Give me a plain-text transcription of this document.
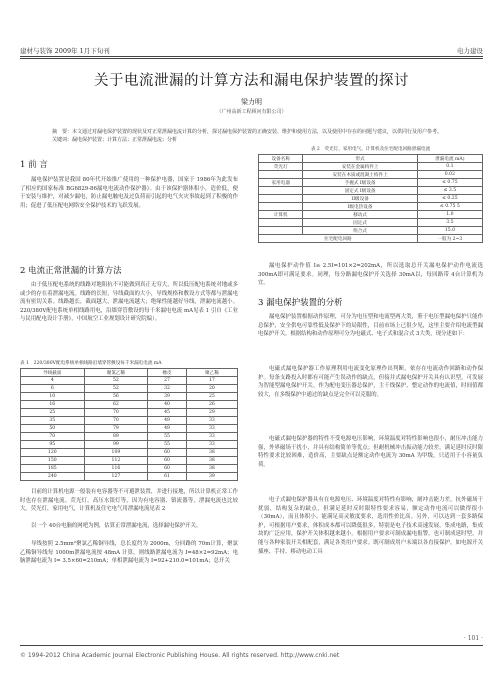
建材与装饰 2009年 1月下旬刊	电力建设
关于电流泄漏的计算方法和漏电保护装置的探讨
梁力明
（广州高新工程顾问有限公司）
摘　要：本文通过对漏电保护装置的现状及对正常泄漏电流计算的分析，探讨漏电保护装置的正确安装、维护和使用方法，以及使用中存在的问题与建议，以供同行及用户参考。
关键词：漏电保护装置；计算方法；正常泄漏电流；分析
1 前 言
漏电保护装置是我国 80年代开始推广使用的一种保护电器，国家于 1986年为此发布了相应的国家标准 BG6829-86漏电电流动作保护器》。由于该保护器体积小，造价低，便于安装与维护，对减少漏电，防止漏电触电及过负荷而引起的电气火灾事故起到了积极的作用；促进了低压配电网络安全保护技术的飞跃发展。
2 电流正常泄漏的计算方法
由于低压配电系统的线路对地阻抗不可能做到真正无穷大，所以低压配电系统对地或多或少的存在着泄漏电流。线路的长短，导线截面的大小，导线规格和敷设方式等都与泄漏电流有密切关系。线路越长，截面越大，泄漏电流越大；绝缘性能越好导线，泄漏电流越小。220/380V配电系统单相线路用电，沿墙穿管敷设的每千米漏电电流 mA见表 1 引自《工业与民用配电设计手册》，中国航空工业规划设计研究院编）。
表 1　220/380V配电系统单相线路沿墙穿管敷设每千米漏电电流 mA
导线截面	聚氯乙稀	橡皮	聚乙稀
4	52	27	17
6	52	32	20
10	56	39	25
16	62	40	26
25	70	45	29
35	70	49	33
50	79	49	33
70	89	55	33
95	99	55	33
120	109	60	38
150	112	60	38
185	116	60	38
240	127	61	39
目前的计算机电源一般装有电容器等不可避泄装置，并进行接地，所以计算机正常工作时也存在泄漏电流。荧光灯，高压水银灯等，因为有电容器、镇流器等，泄漏电流也比较大。荧光灯，家用电气，计算机及住宅电气用泄漏电流见表 2
以一个 40台电脑的网吧为例，估算正常泄漏电流，选择漏电保护开关。
导线按照 2.5mm²聚氯乙稀铜导线，总长度约为 2000m，分回路的 70m计算，聚氯乙稀铜导线每 1000m泄漏电流按 48mA 计算，则线路泄漏电流为 I=48×2=92mA；电脑泄漏电流为 I= 3.5×60=210mA；单相泄漏电流为 I=92+210.0=101mA；总开关
表 2　荧光灯、家用电气、计算机及住宅配电回路泄漏电流
设备名称	形式	泄漏电流 mA)
荧光灯	安装在金属构件上	0.1
	安装在木质或混凝土构件上	0.02
家用电器	手握式 I级设备	≤ 0.75
	固定式 I级设备	≤ 3.5
	II级设备	≤ 0.25
	I级电热设备	≤ 0.75 5
计算机	移动式	1.0
	固定式	3.5
	组合式	15.0
住宅配电回路		一般为 2~3
漏电保护动作值 I≥ 2.5I=101×2=202mA，所以选取总开关漏电保护动作电流选 300mA即可满足要求。同理，每分路漏电保护开关选择 30mA以，每回路带 4台计算机为宜。
3 漏电保护装置的分析
漏电保护装置根据动作原理，可分为电压型和电流型两大类，鉴于电压型漏电保护只能作总保护，安全供电可靠性低及保护下的局限性，目前市场上已很少见，这里主要介绍电流型漏电保护开关。根据结构和动作原理可分为电磁式、电子式和混合式 3大类，现分述如下：
电磁式漏电保护器工作原理利用电流变化原理作出判断，依存在电流动作回路和动作保护。每条支路投入时都有可能产生误动作的缺点，但接并式漏电保护开关具有认识型，可发展为智能型漏电保护开关。作为配电变压器总保护，主干线保护、整定动作的电流值，时间值都较大，在多级保护中通过的缺点是完全可以克服的。
电磁式漏电保护器的特性不受电源电压影响，环境温度对特性影响也很小，耐压冲击能力强，外界磁场干扰小，并具有结构简单等优点；但耐机械冲击振动能力较差，满足延时反时限特性要求比较困难，造价高，主要缺点是额定动作电流为 30mA 为甲级，只适用于小容量负荷。
电子式漏电保护器具有在电源电压、环境温度对特性有影响，耐冲击能力差，抗外磁场干扰弱，结构复杂的缺点，但满足延时反时限特性要求容易，额定动作电流可以做得很小（30mA），而且体积小、能满足高灵敏度要求，选用性价比高。另外，可以达到一套多路保护，可根据用户要求，体积成本都可以降低很多，特别是电子技术高速发展，集成电路，集成块的广泛应用，保护开关体积越来越小。根据用户要求可制成漏电报警，也可制成延时型，并能与各种家装开关相配套，满足各类用户要求。既可制成用户末端以各直接保护，如电源开关插座、手持、移动电动工具
· 101 ·
© 1994-2012 China Academic Journal Electronic Publishing House. All rights reserved. http://www.cnki.net
